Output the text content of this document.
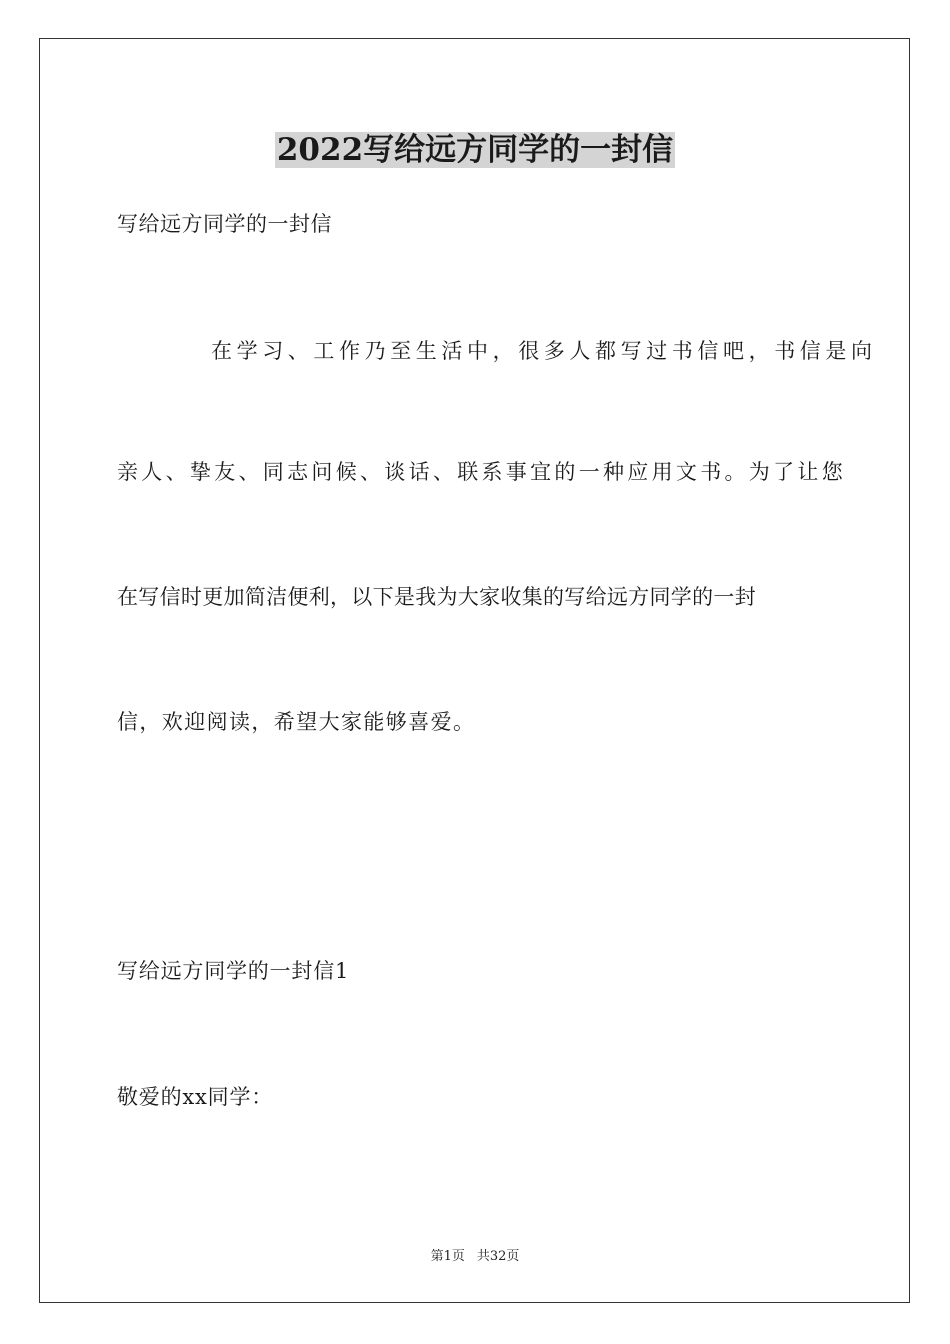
2022写给远方同学的一封信

写给远方同学的一封信

在学习、工作乃至生活中，很多人都写过书信吧，书信是向

亲人、挚友、同志问候、谈话、联系事宜的一种应用文书。为了让您

在写信时更加简洁便利，以下是我为大家收集的写给远方同学的一封

信，欢迎阅读，希望大家能够喜爱。

写给远方同学的一封信1

敬爱的xx同学：

第1页 共32页
